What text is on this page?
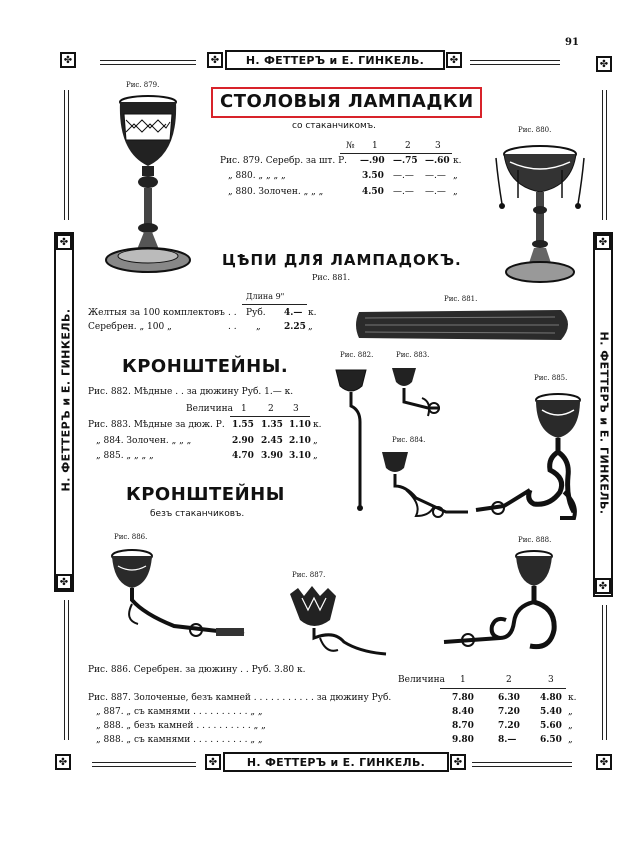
91
✤	✤
✤	✤
Н. ФЕТТЕРЪ и Е. ГИНКЕЛЬ.
✤	✤
✤	✤
Н. ФЕТТЕРЪ и Е. ГИНКЕЛЬ.
✤
✤
Н. ФЕТТЕРЪ и Е. ГИНКЕЛЬ.
✤
✤
Н. ФЕТТЕРЪ и Е. ГИНКЕЛЬ.
СТОЛОВЫЯ ЛАМПАДКИ
со стаканчикомъ.
Рис. 879.
Рис. 880.
№ 1	2	3
Рис. 879. Серебр. за шт. Р. —.90 —.75 —.60 к.
„ 880. „ „ „ „	3.50 —.— —.— „
„ 880. Золочен. „ „ „	4.50 —.— —.— „
ЦѢПИ ДЛЯ ЛАМПАДОКЪ.
Рис. 881.
Длина 9"
Желтыя за 100 комплектовъ . . Руб. 4.— к.
Серебрен. „ 100 „	. . „	2.25 „
Рис. 881.
КРОНШТЕЙНЫ.
Рис. 882. Мѣдные . . за дюжину Руб. 1.— к.
Величина 1 2 3
Рис. 883. Мѣдные за дюж. Р. 1.55 1.35 1.10 к.
„ 884. Золочен. „ „ „	2.90 2.45 2.10 „
„ 885. „ „ „ „	4.70 3.90 3.10 „
Рис. 882.	Рис. 883.
Рис. 884.
Рис. 885.
КРОНШТЕЙНЫ
безъ стаканчиковъ.
Рис. 886.
Рис. 887.
Рис. 888.
Рис. 886. Серебрен. за дюжину . . Руб. 3.80 к.
Величина 1	2	3
Рис. 887. Золоченые, безъ камней . . . . . . . . . . . за дюжину Руб.	7.80	6.30 4.80 к.
„ 887. „ съ камнями . . . . . . . . . . „ „	8.40	7.20 5.40 „
„ 888. „ безъ камней . . . . . . . . . . „ „	8.70	7.20 5.60 „
„ 888. „ съ камнями . . . . . . . . . . „ „	9.80	8.—	6.50 „
